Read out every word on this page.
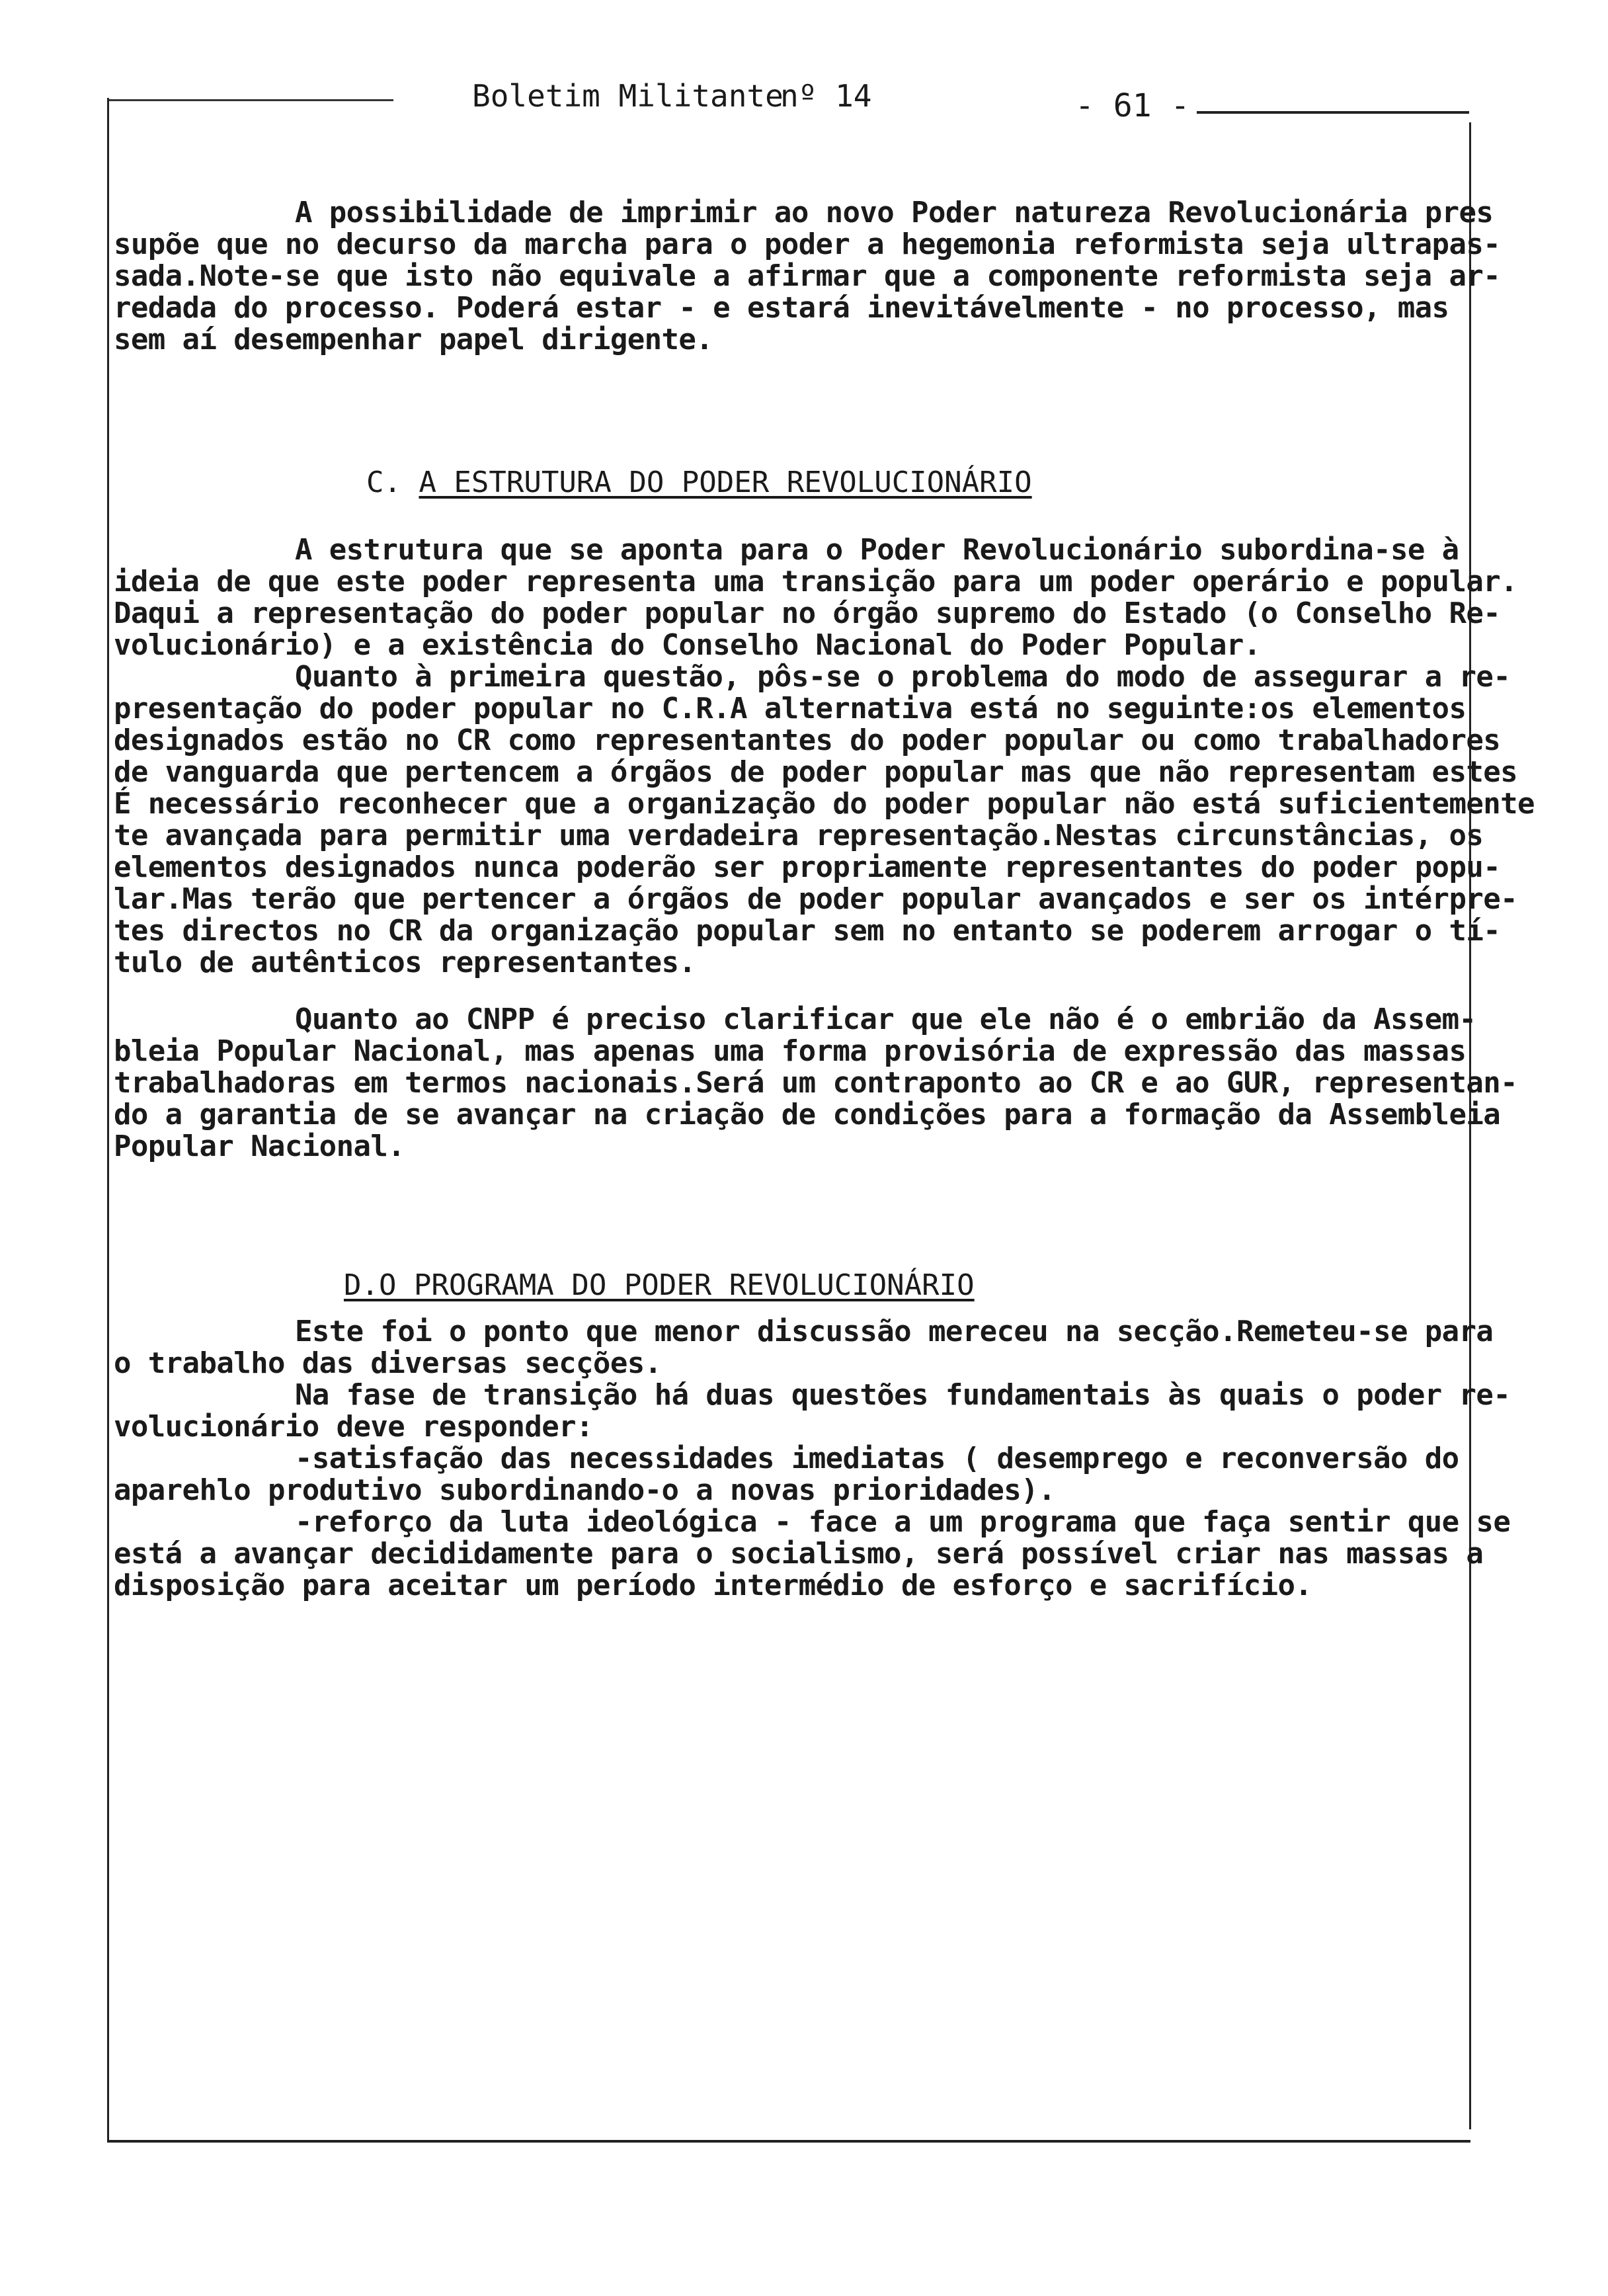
Boletim Militante
nº 14	- 61 -
A possibilidade de imprimir ao novo Poder natureza Revolucionária pres
supõe que no decurso da marcha para o poder a hegemonia reformista seja ultrapas-
sada.Note-se que isto não equivale a afirmar que a componente reformista seja ar-
redada do processo. Poderá estar - e estará inevitávelmente - no processo, mas
sem aí desempenhar papel dirigente.

C. A ESTRUTURA DO PODER REVOLUCIONÁRIO

A estrutura que se aponta para o Poder Revolucionário subordina-se à
ideia de que este poder representa uma transição para um poder operário e popular.
Daqui a representação do poder popular no órgão supremo do Estado (o Conselho Re-
volucionário) e a existência do Conselho Nacional do Poder Popular.
Quanto à primeira questão, pôs-se o problema do modo de assegurar a re-
presentação do poder popular no C.R.A alternativa está no seguinte:os elementos
designados estão no CR como representantes do poder popular ou como trabalhadores
de vanguarda que pertencem a órgãos de poder popular mas que não representam estes
É necessário reconhecer que a organização do poder popular não está suficientemente
te avançada para permitir uma verdadeira representação.Nestas circunstâncias, os
elementos designados nunca poderão ser propriamente representantes do poder popu-
lar.Mas terão que pertencer a órgãos de poder popular avançados e ser os intérpre-
tes directos no CR da organização popular sem no entanto se poderem arrogar o tí-
tulo de autênticos representantes.
Quanto ao CNPP é preciso clarificar que ele não é o embrião da Assem-
bleia Popular Nacional, mas apenas uma forma provisória de expressão das massas
trabalhadoras em termos nacionais.Será um contraponto ao CR e ao GUR, representan-
do a garantia de se avançar na criação de condições para a formação da Assembleia
Popular Nacional.

D.O PROGRAMA DO PODER REVOLUCIONÁRIO

Este foi o ponto que menor discussão mereceu na secção.Remeteu-se para
o trabalho das diversas secções.
Na fase de transição há duas questões fundamentais às quais o poder re-
volucionário deve responder:
-satisfação das necessidades imediatas ( desemprego e reconversão do
aparehlo produtivo subordinando-o a novas prioridades).
-reforço da luta ideológica - face a um programa que faça sentir que se
está a avançar decididamente para o socialismo, será possível criar nas massas a
disposição para aceitar um período intermédio de esforço e sacrifício.
